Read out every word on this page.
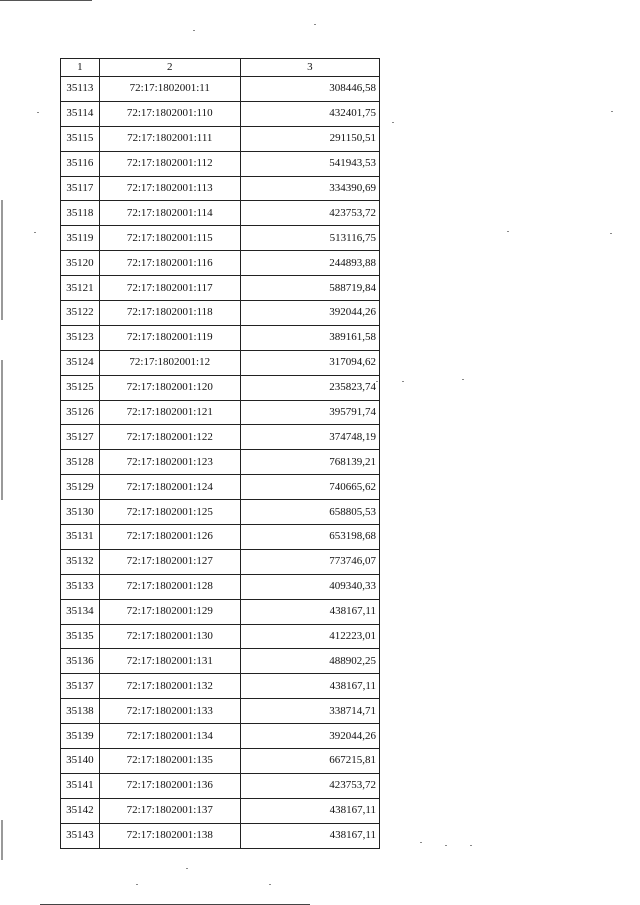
1	2	3
35113	72:17:1802001:11	308446,58
35114	72:17:1802001:110	432401,75
35115	72:17:1802001:111	291150,51
35116	72:17:1802001:112	541943,53
35117	72:17:1802001:113	334390,69
35118	72:17:1802001:114	423753,72
35119	72:17:1802001:115	513116,75
35120	72:17:1802001:116	244893,88
35121	72:17:1802001:117	588719,84
35122	72:17:1802001:118	392044,26
35123	72:17:1802001:119	389161,58
35124	72:17:1802001:12	317094,62
35125	72:17:1802001:120	235823,74
35126	72:17:1802001:121	395791,74
35127	72:17:1802001:122	374748,19
35128	72:17:1802001:123	768139,21
35129	72:17:1802001:124	740665,62
35130	72:17:1802001:125	658805,53
35131	72:17:1802001:126	653198,68
35132	72:17:1802001:127	773746,07
35133	72:17:1802001:128	409340,33
35134	72:17:1802001:129	438167,11
35135	72:17:1802001:130	412223,01
35136	72:17:1802001:131	488902,25
35137	72:17:1802001:132	438167,11
35138	72:17:1802001:133	338714,71
35139	72:17:1802001:134	392044,26
35140	72:17:1802001:135	667215,81
35141	72:17:1802001:136	423753,72
35142	72:17:1802001:137	438167,11
35143	72:17:1802001:138	438167,11
